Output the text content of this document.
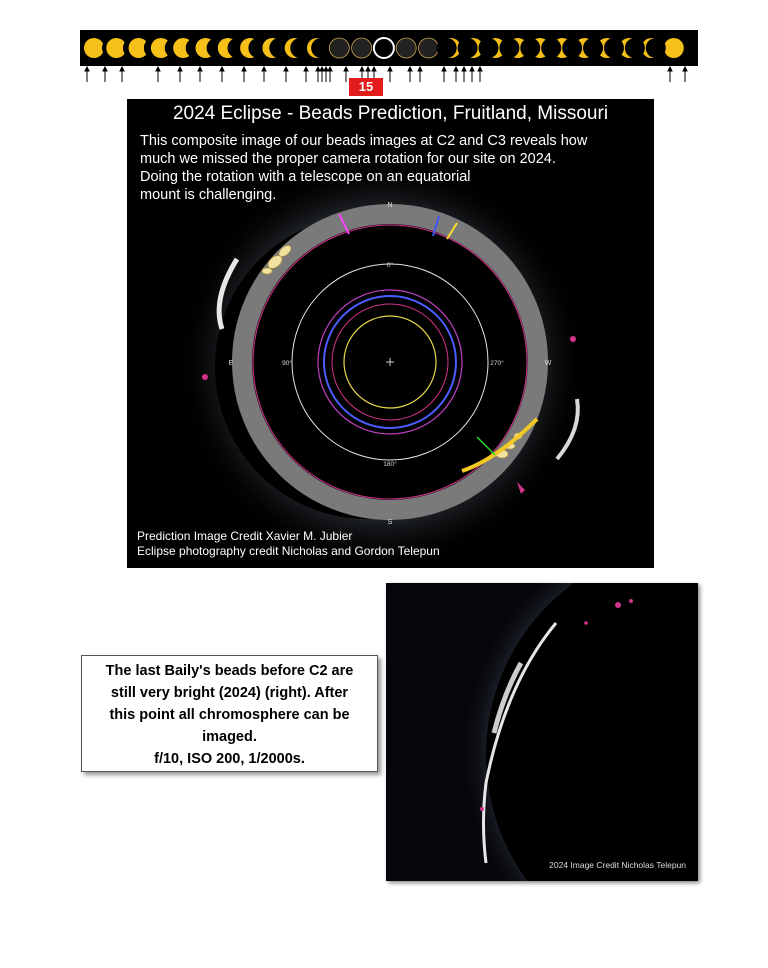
15
N
S
E	W
0°
90°	270°
180°
2024 Eclipse - Beads Prediction, Fruitland, Missouri
This composite image of our beads images at C2 and C3 reveals how
much we missed the proper camera rotation for our site on 2024.
Doing the rotation with a telescope on an equatorial
mount is challenging.
Prediction Image Credit Xavier M. Jubier
Eclipse photography credit Nicholas and Gordon Telepun
The last Baily's beads before C2 are
still very bright (2024) (right). After
this point all chromosphere can be
imaged.
f/10, ISO 200, 1/2000s.
2024 Image Credit Nicholas Telepun
